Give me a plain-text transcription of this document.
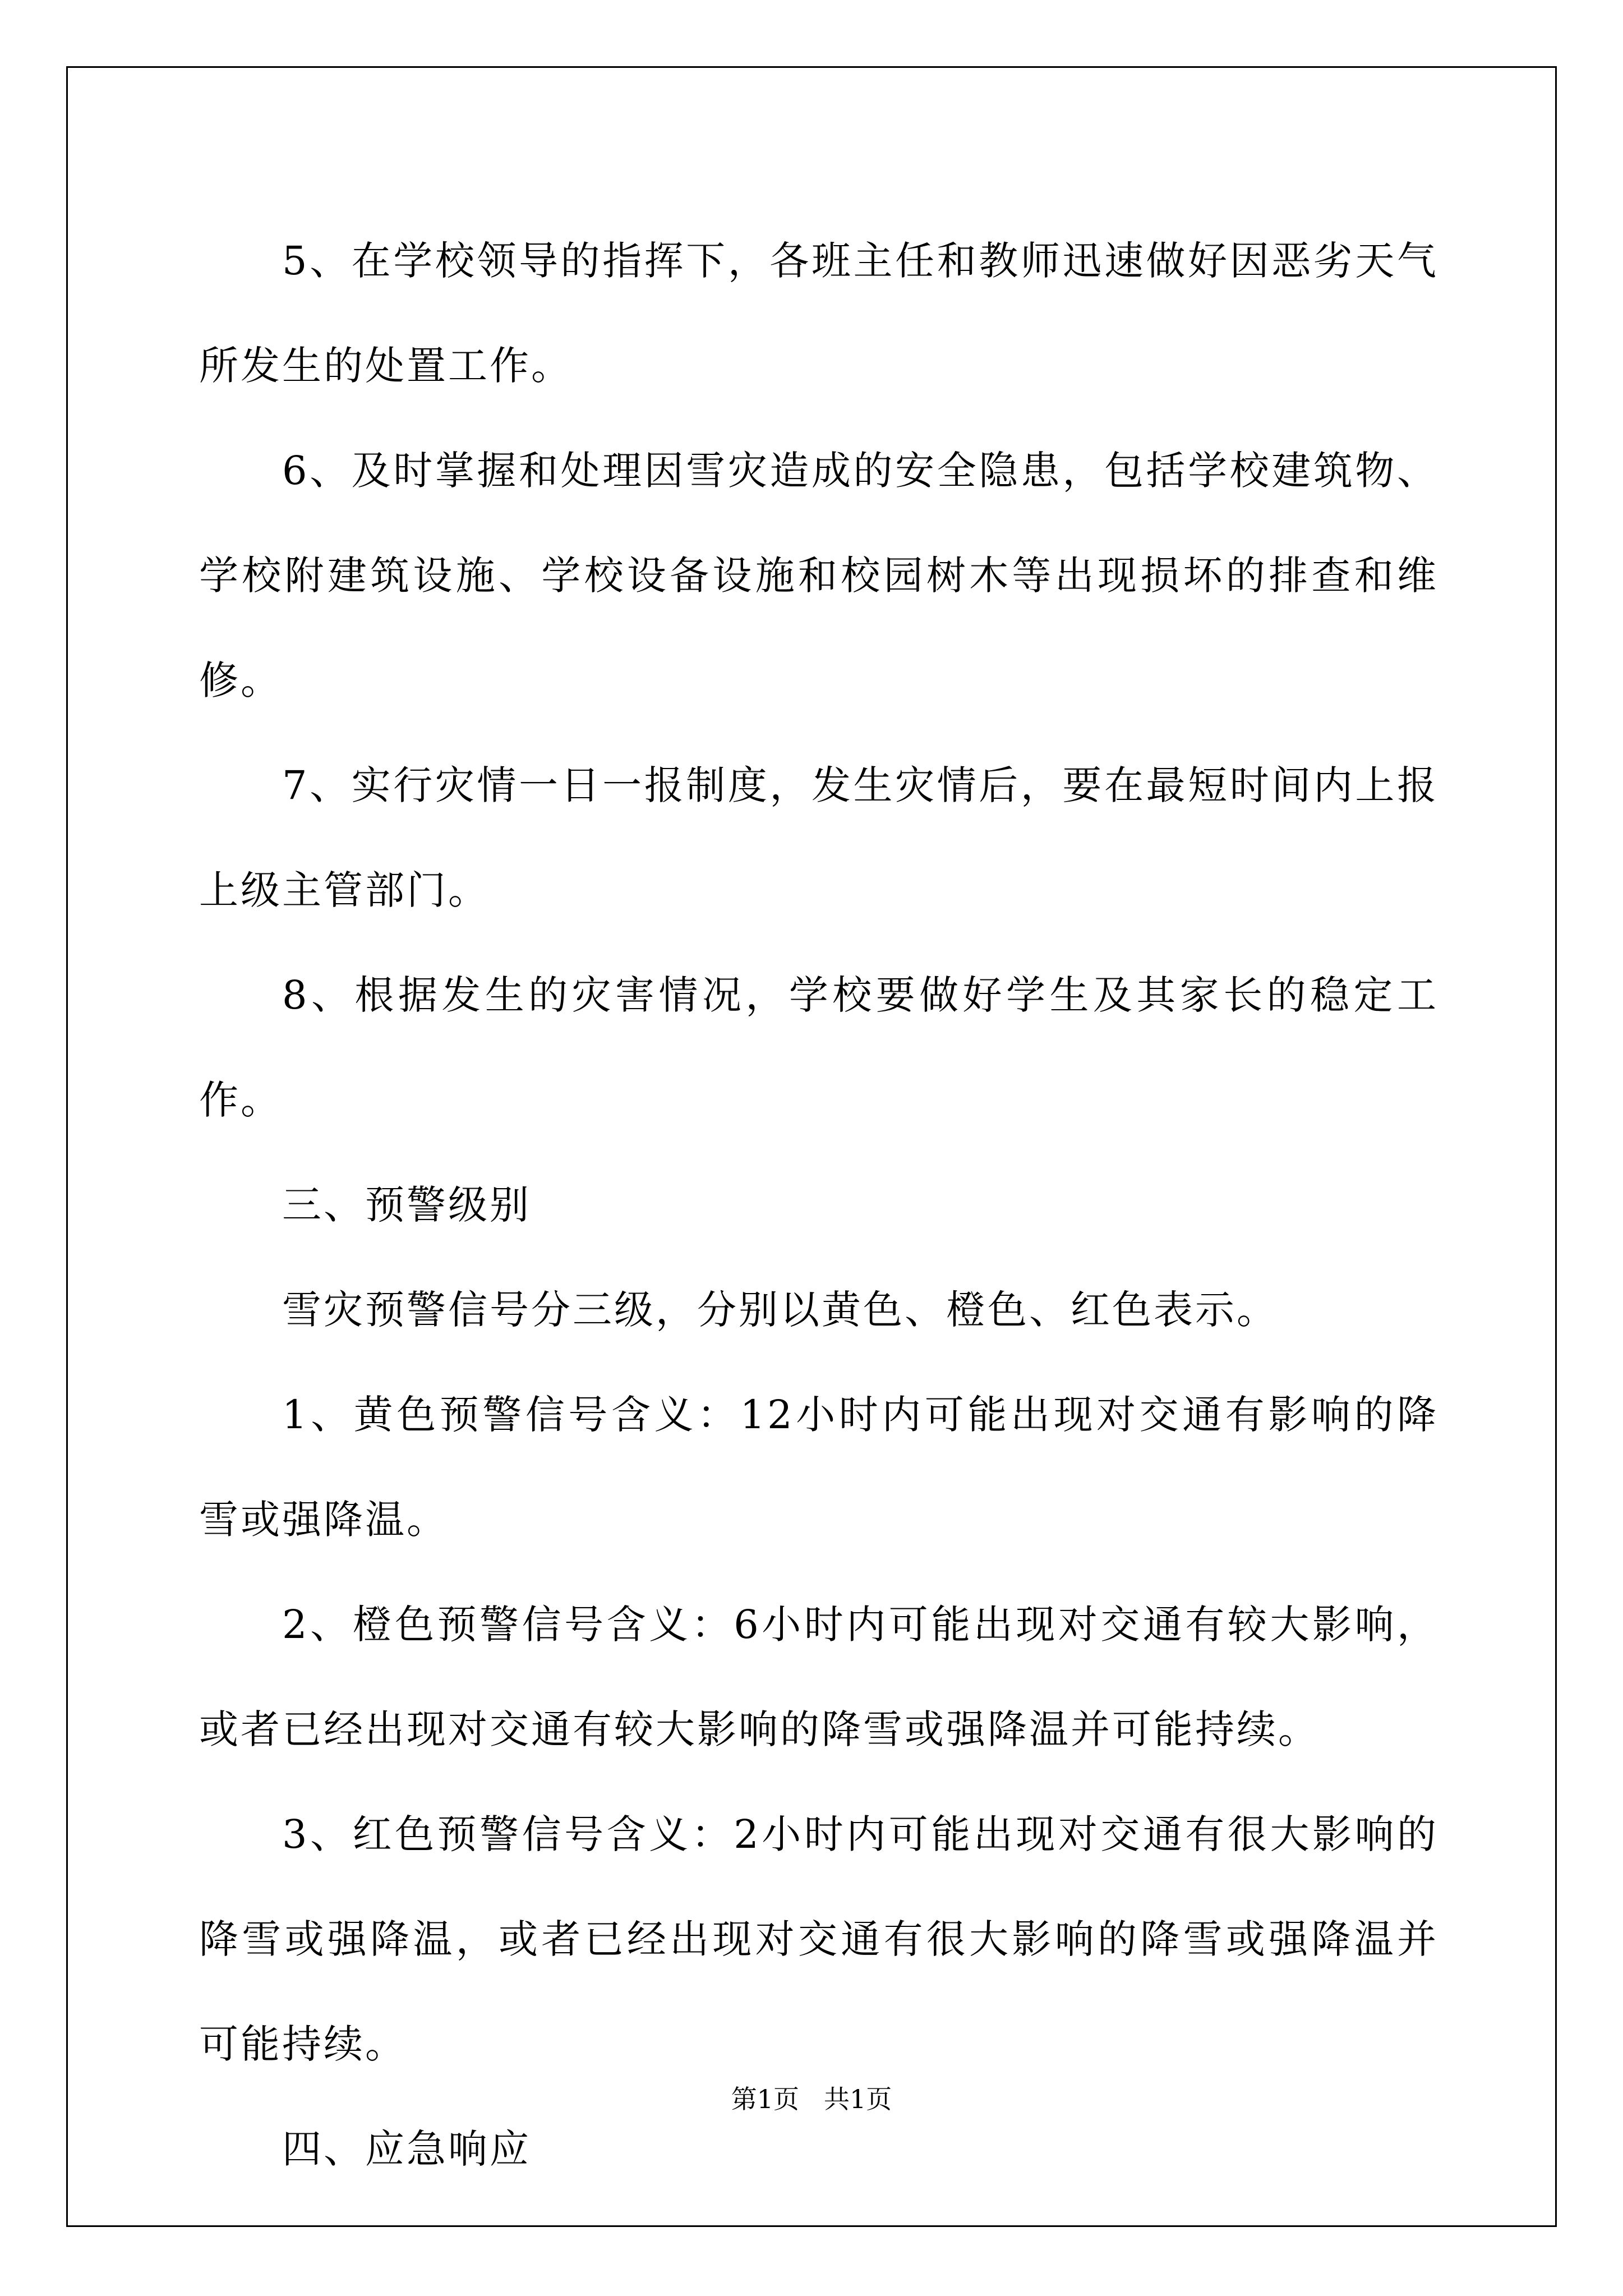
5、在学校领导的指挥下，各班主任和教师迅速做好因恶劣天气所发生的处置工作。

6、及时掌握和处理因雪灾造成的安全隐患，包括学校建筑物、学校附建筑设施、学校设备设施和校园树木等出现损坏的排查和维修。

7、实行灾情一日一报制度，发生灾情后，要在最短时间内上报上级主管部门。

8、根据发生的灾害情况，学校要做好学生及其家长的稳定工作。

三、预警级别

雪灾预警信号分三级，分别以黄色、橙色、红色表示。

1、黄色预警信号含义：12小时内可能出现对交通有影响的降雪或强降温。

2、橙色预警信号含义：6小时内可能出现对交通有较大影响，或者已经出现对交通有较大影响的降雪或强降温并可能持续。

3、红色预警信号含义：2小时内可能出现对交通有很大影响的降雪或强降温，或者已经出现对交通有很大影响的降雪或强降温并可能持续。

四、应急响应

第1页 共1页
